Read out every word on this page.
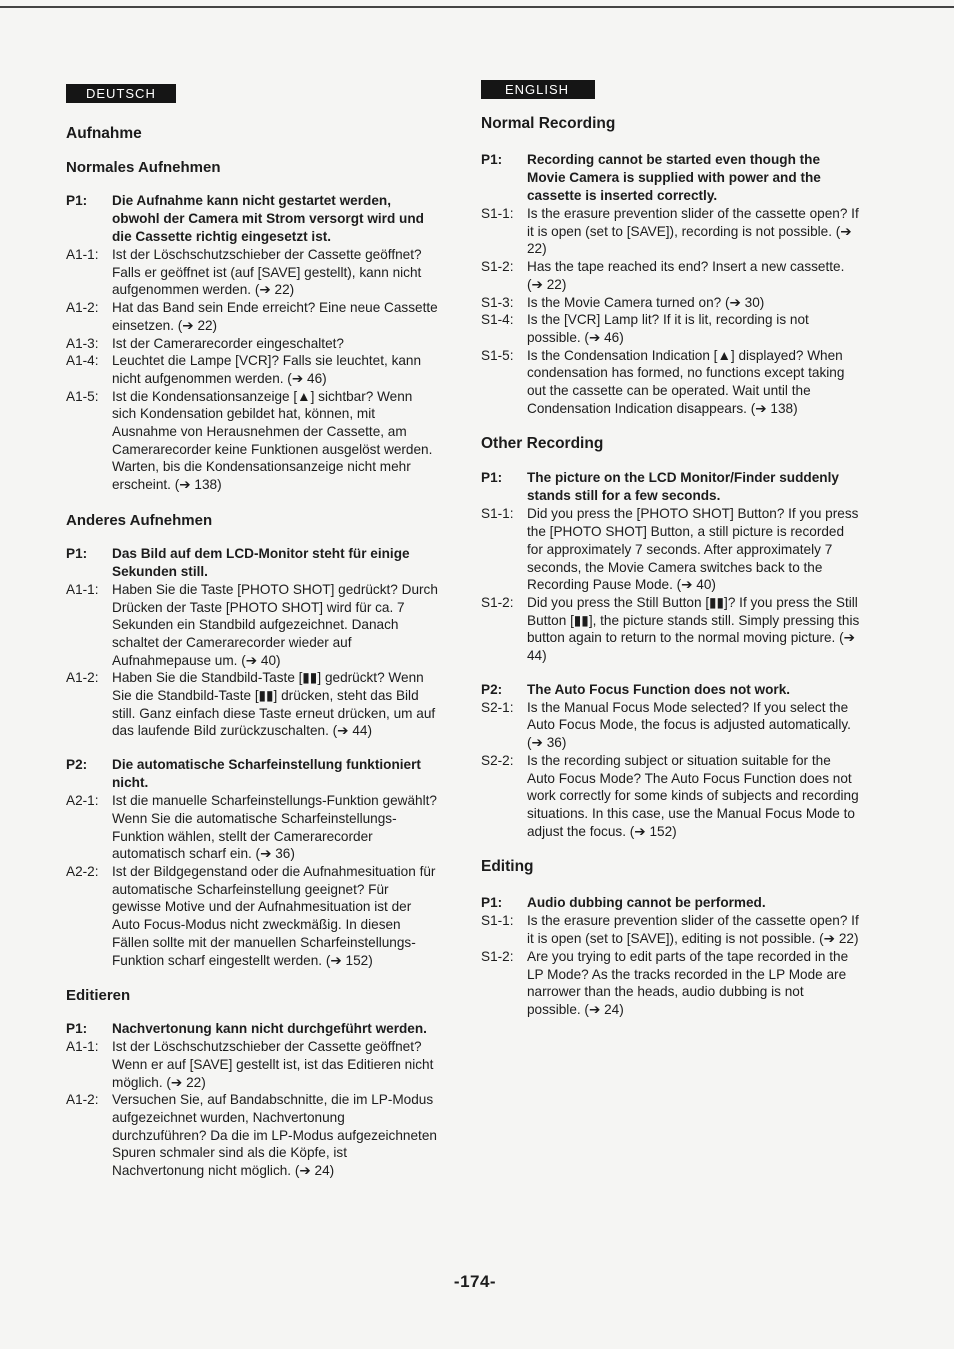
DEUTSCH
Aufnahme
Normales Aufnehmen
P1:	Die Aufnahme kann nicht gestartet werden, obwohl der Camera mit Strom versorgt wird und die Cassette richtig eingesetzt ist.
A1-1: Ist der Löschschutzschieber der Cassette geöffnet? Falls er geöffnet ist (auf [SAVE] gestellt), kann nicht aufgenommen werden. (➔ 22)
A1-2: Hat das Band sein Ende erreicht? Eine neue Cassette einsetzen. (➔ 22)
A1-3: Ist der Camerarecorder eingeschaltet?
A1-4: Leuchtet die Lampe [VCR]? Falls sie leuchtet, kann nicht aufgenommen werden. (➔ 46)
A1-5: Ist die Kondensationsanzeige [▲] sichtbar? Wenn sich Kondensation gebildet hat, können, mit Ausnahme von Herausnehmen der Cassette, am Camerarecorder keine Funktionen ausgelöst werden. Warten, bis die Kondensationsanzeige nicht mehr erscheint. (➔ 138)
Anderes Aufnehmen
P1:	Das Bild auf dem LCD-Monitor steht für einige Sekunden still.
A1-1: Haben Sie die Taste [PHOTO SHOT] gedrückt? Durch Drücken der Taste [PHOTO SHOT] wird für ca. 7 Sekunden ein Standbild aufgezeichnet. Danach schaltet der Camerarecorder wieder auf Aufnahmepause um. (➔ 40)
A1-2: Haben Sie die Standbild-Taste [▮▮] gedrückt? Wenn Sie die Standbild-Taste [▮▮] drücken, steht das Bild still. Ganz einfach diese Taste erneut drücken, um auf das laufende Bild zurückzuschalten. (➔ 44)
P2:	Die automatische Scharfeinstellung funktioniert nicht.
A2-1: Ist die manuelle Scharfeinstellungs-Funktion gewählt? Wenn Sie die automatische Scharfeinstellungs-Funktion wählen, stellt der Camerarecorder automatisch scharf ein. (➔ 36)
A2-2: Ist der Bildgegenstand oder die Aufnahmesituation für automatische Scharfeinstellung geeignet? Für gewisse Motive und der Aufnahmesituation ist der Auto Focus-Modus nicht zweckmäßig. In diesen Fällen sollte mit der manuellen Scharfeinstellungs-Funktion scharf eingestellt werden. (➔ 152)
Editieren
P1:	Nachvertonung kann nicht durchgeführt werden.
A1-1: Ist der Löschschutzschieber der Cassette geöffnet? Wenn er auf [SAVE] gestellt ist, ist das Editieren nicht möglich. (➔ 22)
A1-2: Versuchen Sie, auf Bandabschnitte, die im LP-Modus aufgezeichnet wurden, Nachvertonung durchzuführen? Da die im LP-Modus aufgezeichneten Spuren schmaler sind als die Köpfe, ist Nachvertonung nicht möglich. (➔ 24)
ENGLISH
Normal Recording
P1:	Recording cannot be started even though the Movie Camera is supplied with power and the cassette is inserted correctly.
S1-1: Is the erasure prevention slider of the cassette open? If it is open (set to [SAVE]), recording is not possible. (➔ 22)
S1-2: Has the tape reached its end? Insert a new cassette. (➔ 22)
S1-3: Is the Movie Camera turned on? (➔ 30)
S1-4: Is the [VCR] Lamp lit? If it is lit, recording is not possible. (➔ 46)
S1-5: Is the Condensation Indication [▲] displayed? When condensation has formed, no functions except taking out the cassette can be operated. Wait until the Condensation Indication disappears. (➔ 138)
Other Recording
P1:	The picture on the LCD Monitor/Finder suddenly stands still for a few seconds.
S1-1: Did you press the [PHOTO SHOT] Button? If you press the [PHOTO SHOT] Button, a still picture is recorded for approximately 7 seconds. After approximately 7 seconds, the Movie Camera switches back to the Recording Pause Mode. (➔ 40)
S1-2: Did you press the Still Button [▮▮]? If you press the Still Button [▮▮], the picture stands still. Simply pressing this button again to return to the normal moving picture. (➔ 44)
P2:	The Auto Focus Function does not work.
S2-1: Is the Manual Focus Mode selected? If you select the Auto Focus Mode, the focus is adjusted automatically. (➔ 36)
S2-2: Is the recording subject or situation suitable for the Auto Focus Mode? The Auto Focus Function does not work correctly for some kinds of subjects and recording situations. In this case, use the Manual Focus Mode to adjust the focus. (➔ 152)
Editing
P1:	Audio dubbing cannot be performed.
S1-1: Is the erasure prevention slider of the cassette open? If it is open (set to [SAVE]), editing is not possible. (➔ 22)
S1-2: Are you trying to edit parts of the tape recorded in the LP Mode? As the tracks recorded in the LP Mode are narrower than the heads, audio dubbing is not possible. (➔ 24)
-174-
